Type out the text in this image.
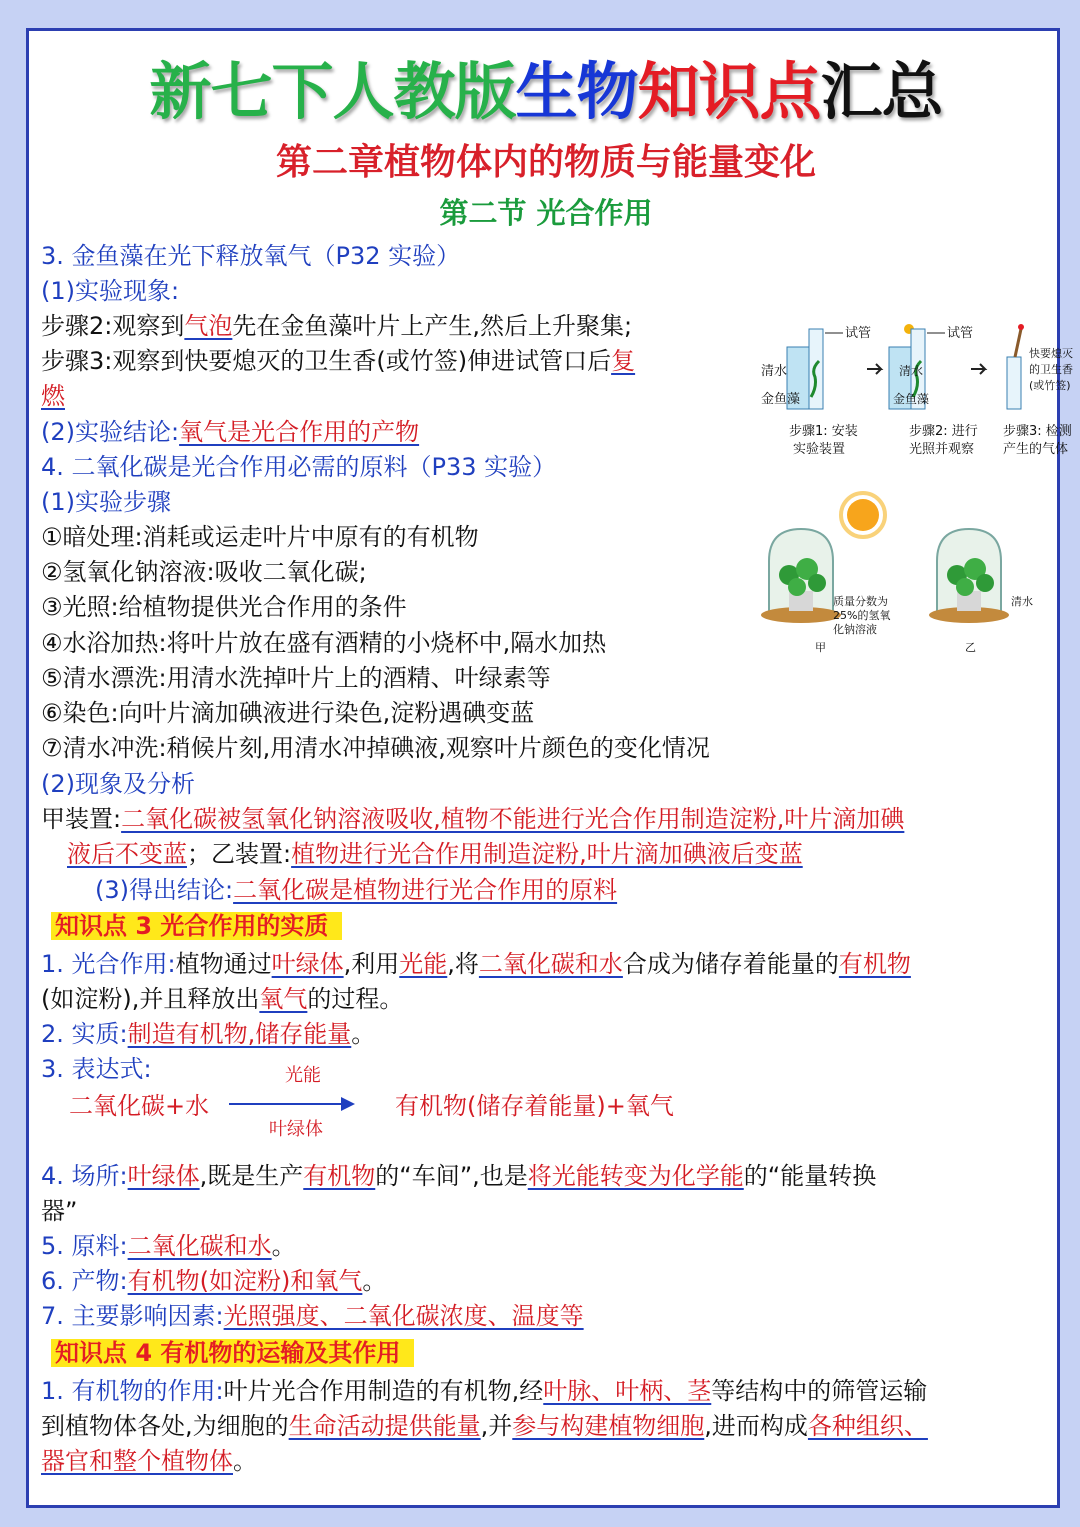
新七下人教版生物知识点汇总
第二章植物体内的物质与能量变化
第二节 光合作用
3. 金鱼藻在光下释放氧气（P32 实验）
(1)实验现象:
步骤2:观察到气泡先在金鱼藻叶片上产生,然后上升聚集;
步骤3:观察到快要熄灭的卫生香(或竹签)伸进试管口后复
燃
(2)实验结论:氧气是光合作用的产物
试管
清水
金鱼藻
步骤1: 安装
实验装置
试管
清水
金鱼藻
步骤2: 进行
光照并观察
快要熄灭
的卫生香
(或竹签)
步骤3: 检测
产生的气体
4. 二氧化碳是光合作用必需的原料（P33 实验）
(1)实验步骤
①暗处理:消耗或运走叶片中原有的有机物
②氢氧化钠溶液:吸收二氧化碳;
③光照:给植物提供光合作用的条件
④水浴加热:将叶片放在盛有酒精的小烧杯中,隔水加热
⑤清水漂洗:用清水洗掉叶片上的酒精、叶绿素等
⑥染色:向叶片滴加碘液进行染色,淀粉遇碘变蓝
⑦清水冲洗:稍候片刻,用清水冲掉碘液,观察叶片颜色的变化情况
(2)现象及分析
甲装置:二氧化碳被氢氧化钠溶液吸收,植物不能进行光合作用制造淀粉,叶片滴加碘
液后不变蓝；乙装置:植物进行光合作用制造淀粉,叶片滴加碘液后变蓝
(3)得出结论:二氧化碳是植物进行光合作用的原料
质量分数为
25%的氢氧
化钠溶液
甲
清水
乙
知识点 3 光合作用的实质
1. 光合作用:植物通过叶绿体,利用光能,将二氧化碳和水合成为储存着能量的有机物
(如淀粉),并且释放出氧气的过程。
2. 实质:制造有机物,储存能量。
3. 表达式:	光能
二氧化碳+水	有机物(储存着能量)+氧气
叶绿体
4. 场所:叶绿体,既是生产有机物的“车间”,也是将光能转变为化学能的“能量转换
器”
5. 原料:二氧化碳和水。
6. 产物:有机物(如淀粉)和氧气。
7. 主要影响因素:光照强度、二氧化碳浓度、温度等
知识点 4 有机物的运输及其作用
1. 有机物的作用:叶片光合作用制造的有机物,经叶脉、叶柄、茎等结构中的筛管运输
到植物体各处,为细胞的生命活动提供能量,并参与构建植物细胞,进而构成各种组织、
器官和整个植物体。
